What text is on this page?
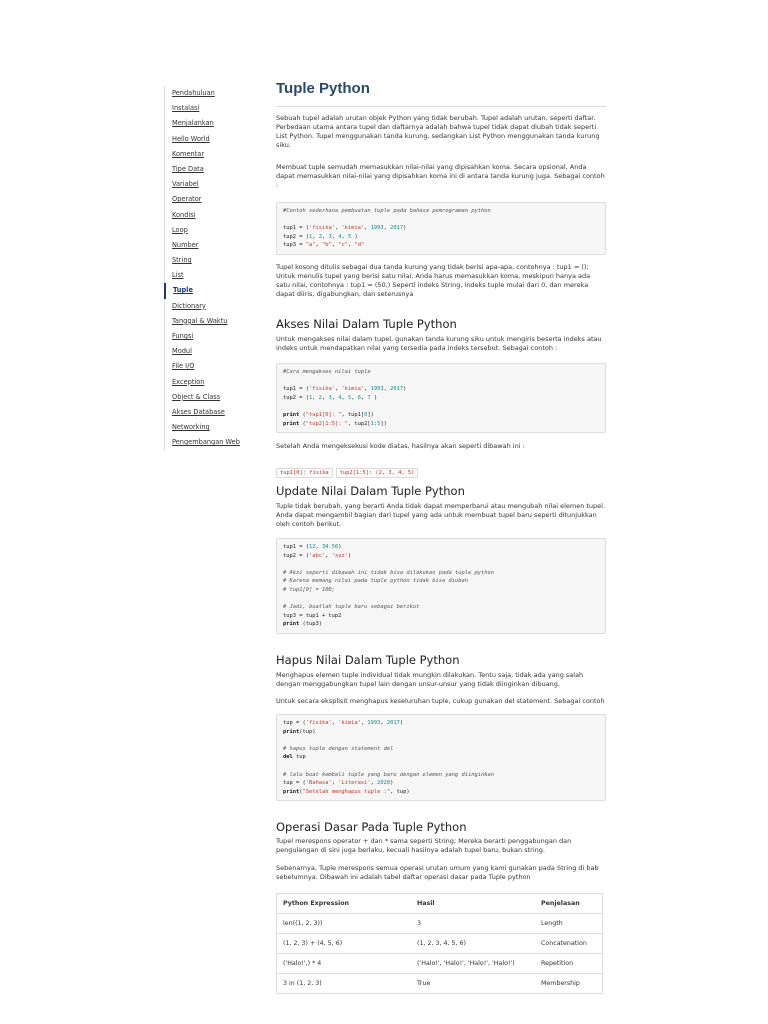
Pendahuluan
Instalasi
Menjalankan
Hello World
Komentar
Tipe Data
Variabel
Operator
Kondisi
Loop
Number
String
List
Tuple
Dictionary
Tanggal & Waktu
Fungsi
Modul
File I/O
Exception
Object & Class
Akses Database
Networking
Pengembangan Web
Tuple Python

Sebuah tupel adalah urutan objek Python yang tidak berubah. Tupel adalah urutan, seperti daftar. Perbedaan utama antara tupel dan daftarnya adalah bahwa tupel tidak dapat diubah tidak seperti List Python. Tupel menggunakan tanda kurung, sedangkan List Python menggunakan tanda kurung siku.

Membuat tuple semudah memasukkan nilai-nilai yang dipisahkan koma. Secara opsional, Anda dapat memasukkan nilai-nilai yang dipisahkan koma ini di antara tanda kurung juga. Sebagai contoh :

#Contoh sederhana pembuatan tuple pada bahasa pemrograman python

tup1 = ('fisika', 'kimia', 1993, 2017)
tup2 = (1, 2, 3, 4, 5 )
tup3 = "a", "b", "c", "d"

Tupel kosong ditulis sebagai dua tanda kurung yang tidak berisi apa-apa, contohnya : tup1 = (); Untuk menulis tupel yang berisi satu nilai, Anda harus memasukkan koma, meskipun hanya ada satu nilai, contohnya : tup1 = (50,) Seperti indeks String, indeks tuple mulai dari 0, dan mereka dapat diiris, digabungkan, dan seterusnya

Akses Nilai Dalam Tuple Python

Untuk mengakses nilai dalam tupel, gunakan tanda kurung siku untuk mengiris beserta indeks atau indeks untuk mendapatkan nilai yang tersedia pada indeks tersebut. Sebagai contoh :

#Cara mengakses nilai tuple

tup1 = ('fisika', 'kimia', 1993, 2017)
tup2 = (1, 2, 3, 4, 5, 6, 7 )

print ("tup1[0]: ", tup1[0])
print ("tup2[1:5]: ", tup2[1:5])

Setelah Anda mengeksekusi kode diatas, hasilnya akan seperti dibawah ini :

tup1[0]: fisika tup2[1:5]: (2, 3, 4, 5)
Update Nilai Dalam Tuple Python

Tuple tidak berubah, yang berarti Anda tidak dapat memperbarui atau mengubah nilai elemen tupel. Anda dapat mengambil bagian dari tupel yang ada untuk membuat tupel baru seperti ditunjukkan oleh contoh berikut.

tup1 = (12, 34.56)
tup2 = ('abc', 'xyz')

# Aksi seperti dibawah ini tidak bisa dilakukan pada tuple python
# Karena memang nilai pada tuple python tidak bisa diubah
# tup1[0] = 100;

# Jadi, buatlah tuple baru sebagai berikut
tup3 = tup1 + tup2
print (tup3)
Hapus Nilai Dalam Tuple Python

Menghapus elemen tuple individual tidak mungkin dilakukan. Tentu saja, tidak ada yang salah dengan menggabungkan tupel lain dengan unsur-unsur yang tidak diinginkan dibuang.

Untuk secara eksplisit menghapus keseluruhan tuple, cukup gunakan del statement. Sebagai contoh

tup = ('fisika', 'kimia', 1993, 2017)
print(tup)

# hapus tuple dengan statement del
del tup

# lalu buat kembali tuple yang baru dengan elemen yang diinginkan
tup = ('Bahasa', 'Literasi', 2020)
print("Setelah menghapus tuple :", tup)
Operasi Dasar Pada Tuple Python

Tupel merespons operator + dan * sama seperti String; Mereka berarti penggabungan dan pengulangan di sini juga berlaku, kecuali hasilnya adalah tupel baru, bukan string.

Sebenarnya, Tuple merespons semua operasi urutan umum yang kami gunakan pada String di bab sebelumnya. Dibawah ini adalah tabel daftar operasi dasar pada Tuple python

Python Expression	Hasil	Penjelasan
len((1, 2, 3))	3	Length
(1, 2, 3) + (4, 5, 6)	(1, 2, 3, 4, 5, 6)	Concatenation
('Halo!',) * 4	('Halo!', 'Halo!', 'Halo!', 'Halo!')	Repetition
3 in (1, 2, 3)	True	Membership
